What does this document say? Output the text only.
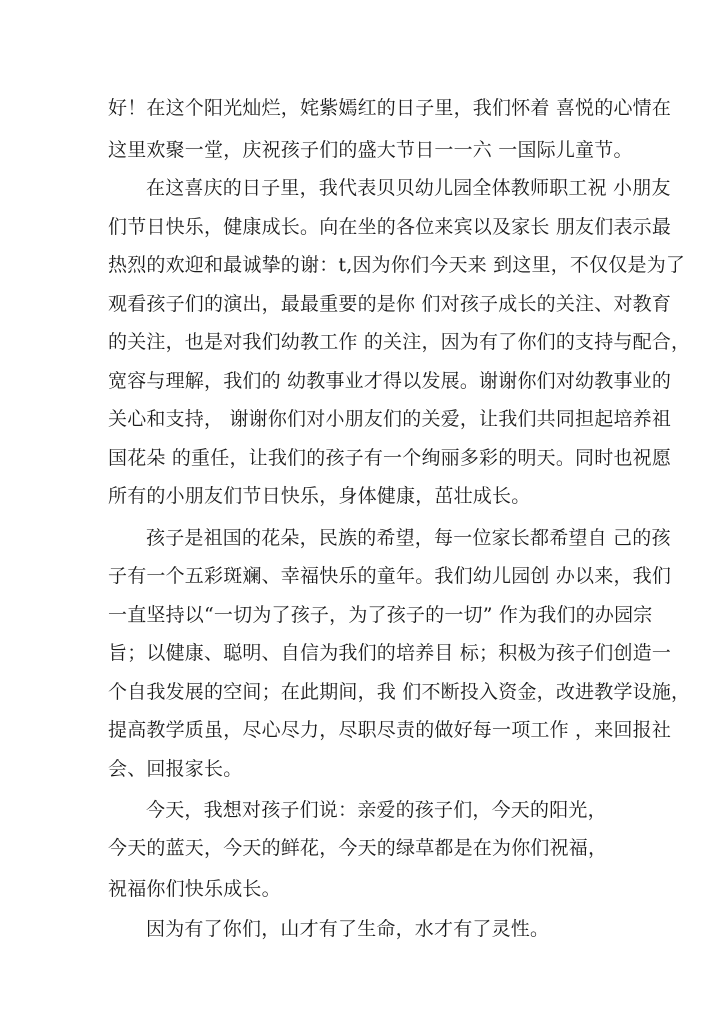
好！在这个阳光灿烂，姹紫嫣红的日子里，我们怀着 喜悦的心情在
这里欢聚一堂，庆祝孩子们的盛大节日一一六 一国际儿童节。
在这喜庆的日子里，我代表贝贝幼儿园全体教师职工祝 小朋友
们节日快乐，健康成长。向在坐的各位来宾以及家长 朋友们表示最
热烈的欢迎和最诚挚的谢：t,因为你们今天来 到这里，不仅仅是为了
观看孩子们的演出，最最重要的是你 们对孩子成长的关注、对教育
的关注，也是对我们幼教工作 的关注，因为有了你们的支持与配合，
宽容与理解，我们的 幼教事业才得以发展。谢谢你们对幼教事业的
关心和支持， 谢谢你们对小朋友们的关爱，让我们共同担起培养祖
国花朵 的重任，让我们的孩子有一个绚丽多彩的明天。同时也祝愿
所有的小朋友们节日快乐，身体健康，茁壮成长。
孩子是祖国的花朵，民族的希望，每一位家长都希望自 己的孩
子有一个五彩斑斓、幸福快乐的童年。我们幼儿园创 办以来，我们
一直坚持以“一切为了孩子，为了孩子的一切” 作为我们的办园宗
旨；以健康、聪明、自信为我们的培养目 标；积极为孩子们创造一
个自我发展的空间；在此期间，我 们不断投入资金，改进教学设施，
提高教学质虽，尽心尽力，尽职尽责的做好每一项工作 ，来回报社
会、回报家长。
今天，我想对孩子们说：亲爱的孩子们，今天的阳光，
今天的蓝天，今天的鲜花，今天的绿草都是在为你们祝福，
祝福你们快乐成长。
因为有了你们，山才有了生命，水才有了灵性。
